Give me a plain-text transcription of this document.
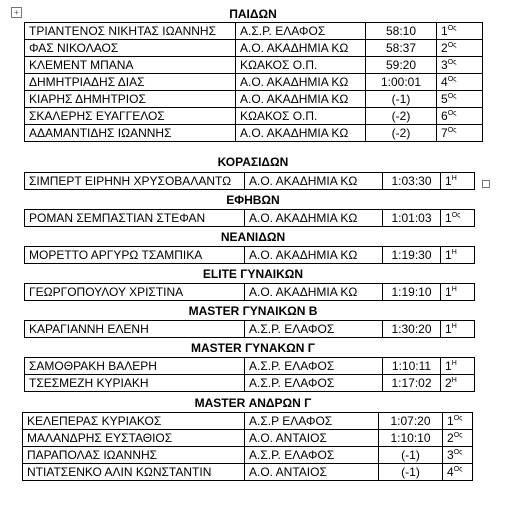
+	ΠΑΙΔΩΝ
ΤΡΙΑΝΤΕΝΟΣ ΝΙΚΗΤΑΣ ΙΩΑΝΝΗΣ	Α.Σ.Ρ. ΕΛΑΦΟΣ	58:10	$1^{O\varsigma}$
ΦΑΣ ΝΙΚΟΛΑΟΣ	Α.Ο. ΑΚΑΔΗΜΙΑ ΚΩ	58:37	$2^{O\varsigma}$
ΚΛΕΜΕΝΤ ΜΠΑΝΑ	ΚΩΑΚΟΣ Ο.Π.	59:20	$3^{O\varsigma}$
ΔΗΜΗΤΡΙΑΔΗΣ ΔΙΑΣ	Α.Ο. ΑΚΑΔΗΜΙΑ ΚΩ	1:00:01	$4^{O\varsigma}$
ΚΙΑΡΗΣ ΔΗΜΗΤΡΙΟΣ	Α.Ο. ΑΚΑΔΗΜΙΑ ΚΩ	(-1)	$5^{O\varsigma}$
ΣΚΑΛΕΡΗΣ ΕΥΑΓΓΕΛΟΣ	ΚΩΑΚΟΣ Ο.Π.	(-2)	$6^{O\varsigma}$
ΑΔΑΜΑΝΤΙΔΗΣ ΙΩΑΝΝΗΣ	Α.Ο. ΑΚΑΔΗΜΙΑ ΚΩ	(-2)	$7^{O\varsigma}$
ΚΟΡΑΣΙΔΩΝ
ΣΙΜΠΕΡΤ ΕΙΡΗΝΗ ΧΡΥΣΟΒΑΛΑΝΤΩ	Α.Ο. ΑΚΑΔΗΜΙΑ ΚΩ	1:03:30	$1^H$
ΕΦΗΒΩΝ
ΡΟΜΑΝ ΣΕΜΠΑΣΤΙΑΝ ΣΤΕΦΑΝ	Α.Ο. ΑΚΑΔΗΜΙΑ ΚΩ	1:01:03	$1^{O\varsigma}$
ΝΕΑΝΙΔΩΝ
ΜΟΡΕΤΤΟ ΑΡΓΥΡΩ ΤΣΑΜΠΙΚΑ	Α.Ο. ΑΚΑΔΗΜΙΑ ΚΩ	1:19:30	$1^H$
ELITE ΓΥΝΑΙΚΩΝ
ΓΕΩΡΓΟΠΟΥΛΟΥ ΧΡΙΣΤΙΝΑ	Α.Ο. ΑΚΑΔΗΜΙΑ ΚΩ	1:19:10	$1^H$
MASTER ΓΥΝΑΙΚΩΝ Β
ΚΑΡΑΓΙΑΝΝΗ ΕΛΕΝΗ	Α.Σ.Ρ. ΕΛΑΦΟΣ	1:30:20	$1^H$
MASTER ΓΥΝΑΚΩΝ Γ
ΣΑΜΟΘΡΑΚΗ ΒΑΛΕΡΗ	Α.Σ.Ρ. ΕΛΑΦΟΣ	1:10:11	$1^H$
ΤΣΕΣΜΕΖΗ ΚΥΡΙΑΚΗ	Α.Σ.Ρ. ΕΛΑΦΟΣ	1:17:02	$2^H$
MASTER ΑΝΔΡΩΝ Γ
ΚΕΛΕΠΕΡΑΣ ΚΥΡΙΑΚΟΣ	Α.Σ.Ρ ΕΛΑΦΟΣ	1:07:20	$1^{O\varsigma}$
ΜΑΛΑΝΔΡΗΣ ΕΥΣΤΑΘΙΟΣ	Α.Ο. ΑΝΤΑΙΟΣ	1:10:10	$2^{O\varsigma}$
ΠΑΡΑΠΟΛΑΣ ΙΩΑΝΝΗΣ	Α.Σ.Ρ. ΕΛΑΦΟΣ	(-1)	$3^{O\varsigma}$
ΝΤΙΑΤΣΕΝΚΟ ΑΛΙΝ ΚΩΝΣΤΑΝΤΙΝ	Α.Ο. ΑΝΤΑΙΟΣ	(-1)	$4^{O\varsigma}$
